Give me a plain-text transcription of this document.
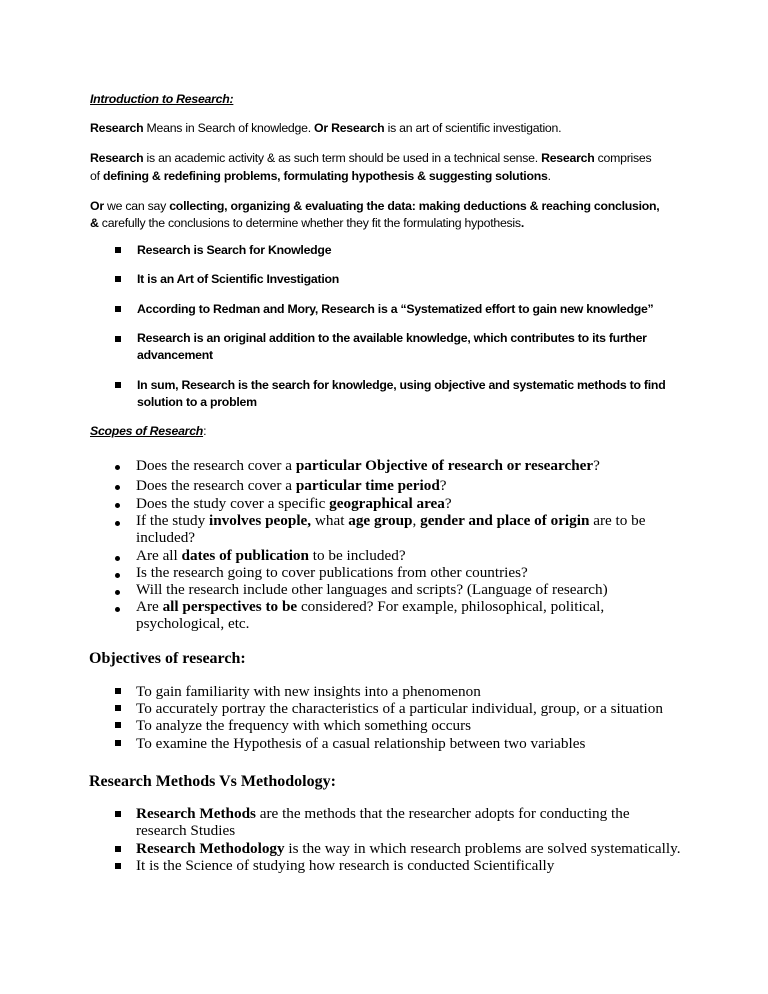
Introduction to Research:
Research Means in Search of knowledge. Or Research is an art of scientific investigation.
Research is an academic activity & as such term should be used in a technical sense. Research comprises
of defining & redefining problems, formulating hypothesis & suggesting solutions.
Or we can say collecting, organizing & evaluating the data: making deductions & reaching conclusion,
& carefully the conclusions to determine whether they fit the formulating hypothesis.
Research is Search for Knowledge
It is an Art of Scientific Investigation
According to Redman and Mory, Research is a “Systematized effort to gain new knowledge”
Research is an original addition to the available knowledge, which contributes to its further
advancement
In sum, Research is the search for knowledge, using objective and systematic methods to find
solution to a problem
Scopes of Research:
Does the research cover a particular Objective of research or researcher?
Does the research cover a particular time period?
Does the study cover a specific geographical area?
If the study involves people, what age group, gender and place of origin are to be
included?
Are all dates of publication to be included?
Is the research going to cover publications from other countries?
Will the research include other languages and scripts? (Language of research)
Are all perspectives to be considered? For example, philosophical, political,
psychological, etc.
Objectives of research:
To gain familiarity with new insights into a phenomenon
To accurately portray the characteristics of a particular individual, group, or a situation
To analyze the frequency with which something occurs
To examine the Hypothesis of a casual relationship between two variables
Research Methods Vs Methodology:
Research Methods are the methods that the researcher adopts for conducting the
research Studies
Research Methodology is the way in which research problems are solved systematically.
It is the Science of studying how research is conducted Scientifically
